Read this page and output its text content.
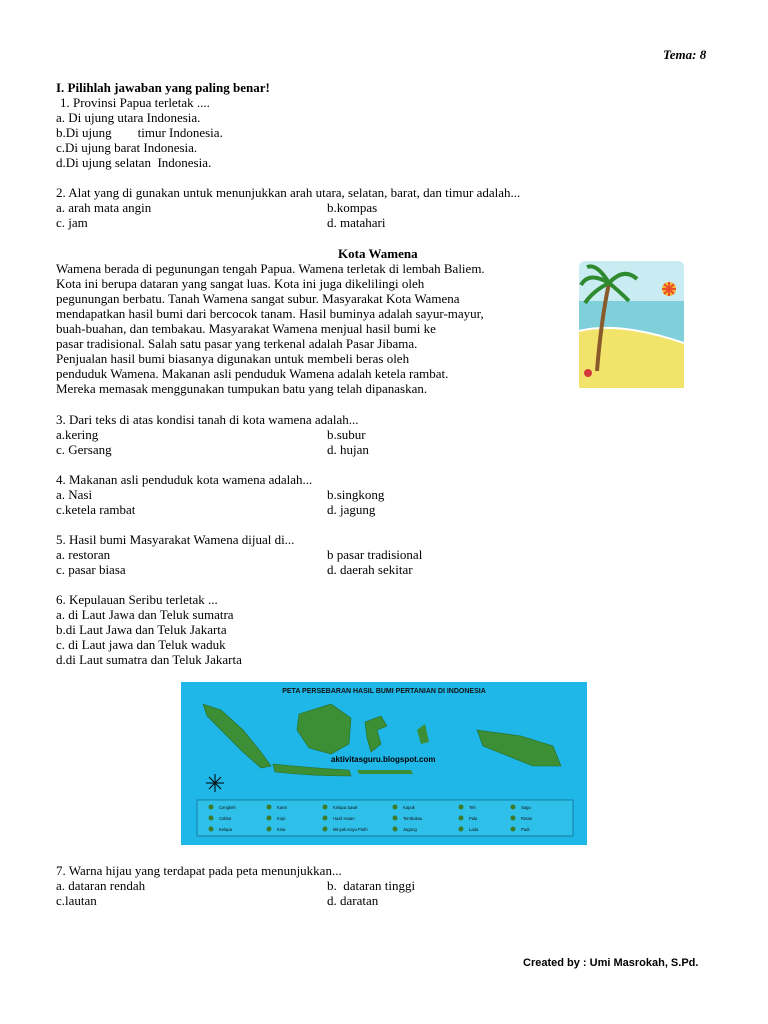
Tema: 8
I. Pilihlah jawaban yang paling benar!
1. Provinsi Papua terletak ....
a. Di ujung utara Indonesia.
b.Di ujung        timur Indonesia.
c.Di ujung barat Indonesia.
d.Di ujung selatan  Indonesia.
2. Alat yang di gunakan untuk menunjukkan arah utara, selatan, barat, dan timur adalah...
a. arah mata angin	b.kompas
c. jam	d. matahari
Kota Wamena
Wamena berada di pegunungan tengah Papua. Wamena terletak di lembah Baliem.
Kota ini berupa dataran yang sangat luas. Kota ini juga dikelilingi oleh
pegunungan berbatu. Tanah Wamena sangat subur. Masyarakat Kota Wamena
mendapatkan hasil bumi dari bercocok tanam. Hasil buminya adalah sayur-mayur,
buah-buahan, dan tembakau. Masyarakat Wamena menjual hasil bumi ke
pasar tradisional. Salah satu pasar yang terkenal adalah Pasar Jibama.
Penjualan hasil bumi biasanya digunakan untuk membeli beras oleh
penduduk Wamena. Makanan asli penduduk Wamena adalah ketela rambat.
Mereka memasak menggunakan tumpukan batu yang telah dipanaskan.
3. Dari teks di atas kondisi tanah di kota wamena adalah...
a.kering	b.subur
c. Gersang	d. hujan
4. Makanan asli penduduk kota wamena adalah...
a. Nasi	b.singkong
c.ketela rambat	d. jagung
5. Hasil bumi Masyarakat Wamena dijual di...
a. restoran	b pasar tradisional
c. pasar biasa	d. daerah sekitar
6. Kepulauan Seribu terletak ...
a. di Laut Jawa dan Teluk sumatra
b.di Laut Jawa dan Teluk Jakarta
c. di Laut jawa dan Teluk waduk
d.di Laut sumatra dan Teluk Jakarta
PETA PERSEBARAN HASIL BUMI PERTANIAN DI INDONESIA
aktivitasguru.blogspot.com
Cengkeh	Karet	Kelapa Sawit	Kapuk	Teh	Sagu
Coklat	Kopi	Hasil Hutan	Tembakau	Pala	Rotan
Kelapa	Kina	Minyak Kayu Putih	Jagung	Lada	Padi
7. Warna hijau yang terdapat pada peta menunjukkan...
a. dataran rendah	b.  dataran tinggi
c.lautan	d. daratan
Created by : Umi Masrokah, S.Pd.
